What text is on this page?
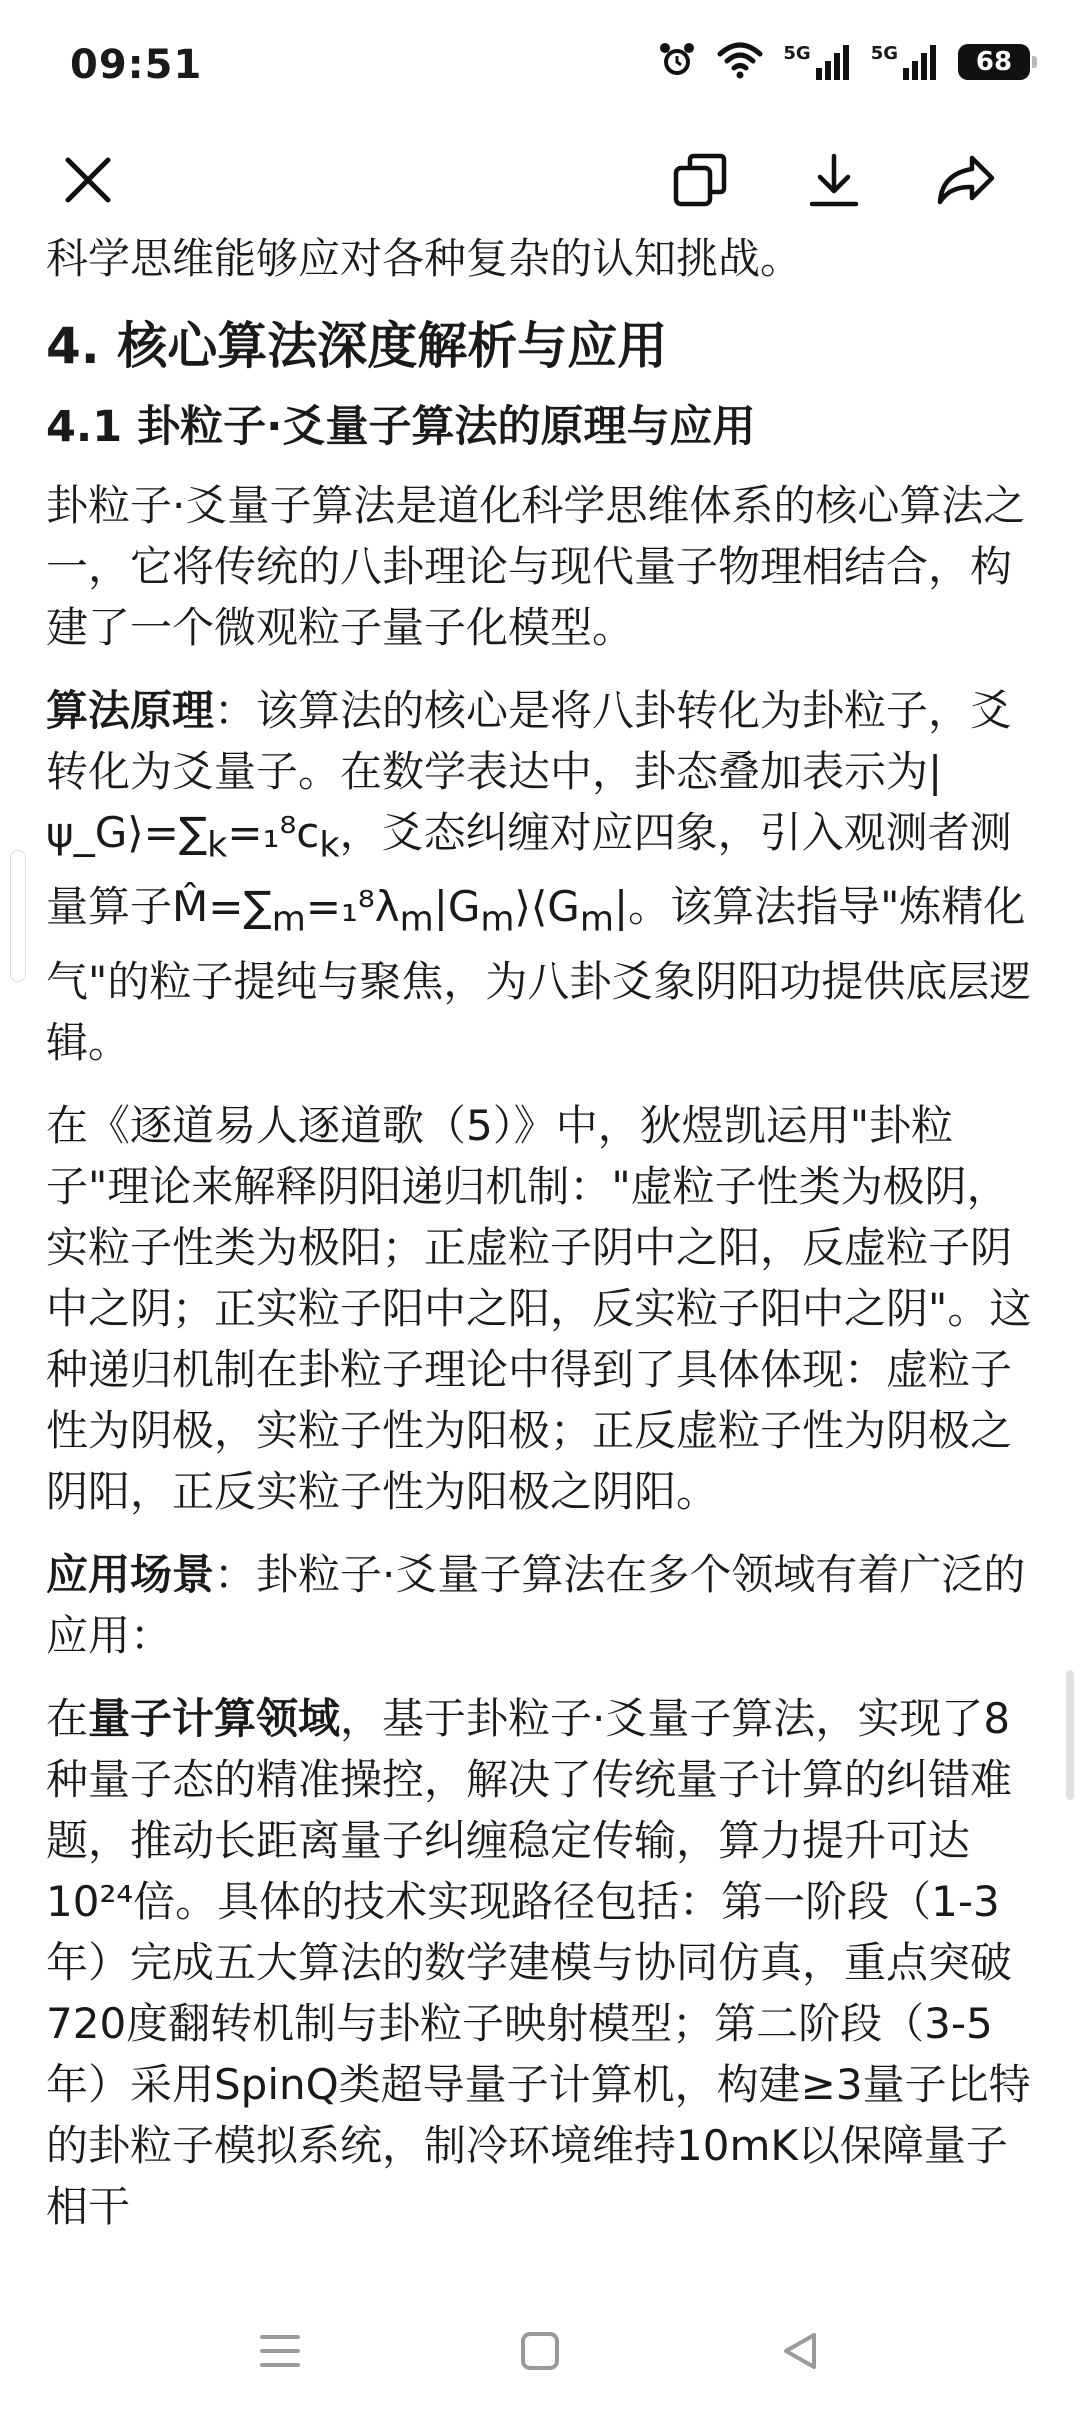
09:51	5G	5G	68

科学思维能够应对各种复杂的认知挑战。

4. 核心算法深度解析与应用
4.1 卦粒子·爻量子算法的原理与应用

卦粒子·爻量子算法是道化科学思维体系的核心算法之一，它将传统的八卦理论与现代量子物理相结合，构建了一个微观粒子量子化模型。

算法原理：该算法的核心是将八卦转化为卦粒子，爻转化为爻量子。在数学表达中，卦态叠加表示为$|\psi\_G⟩=\sum_k=_1^8c_k$，爻态纠缠对应四象，引入观测者测量算子$M̂=\sum_m=_1^8\lambda_m|G_m⟩⟨G_m|$。该算法指导"炼精化气"的粒子提纯与聚焦，为八卦爻象阴阳功提供底层逻辑。

在《逐道易人逐道歌（5）》中，狄煜凯运用"卦粒子"理论来解释阴阳递归机制："虚粒子性类为极阴，实粒子性类为极阳；正虚粒子阴中之阳，反虚粒子阴中之阴；正实粒子阳中之阳，反实粒子阳中之阴"。这种递归机制在卦粒子理论中得到了具体体现：虚粒子性为阴极，实粒子性为阳极；正反虚粒子性为阴极之阴阳，正反实粒子性为阳极之阴阳。

应用场景：卦粒子·爻量子算法在多个领域有着广泛的应用：

在量子计算领域，基于卦粒子·爻量子算法，实现了8种量子态的精准操控，解决了传统量子计算的纠错难题，推动长距离量子纠缠稳定传输，算力提升可达10²⁴倍。具体的技术实现路径包括：第一阶段（1-3年）完成五大算法的数学建模与协同仿真，重点突破720度翻转机制与卦粒子映射模型；第二阶段（3-5年）采用SpinQ类超导量子计算机，构建≥3量子比特的卦粒子模拟系统，制冷环境维持10mK以保障量子相干
